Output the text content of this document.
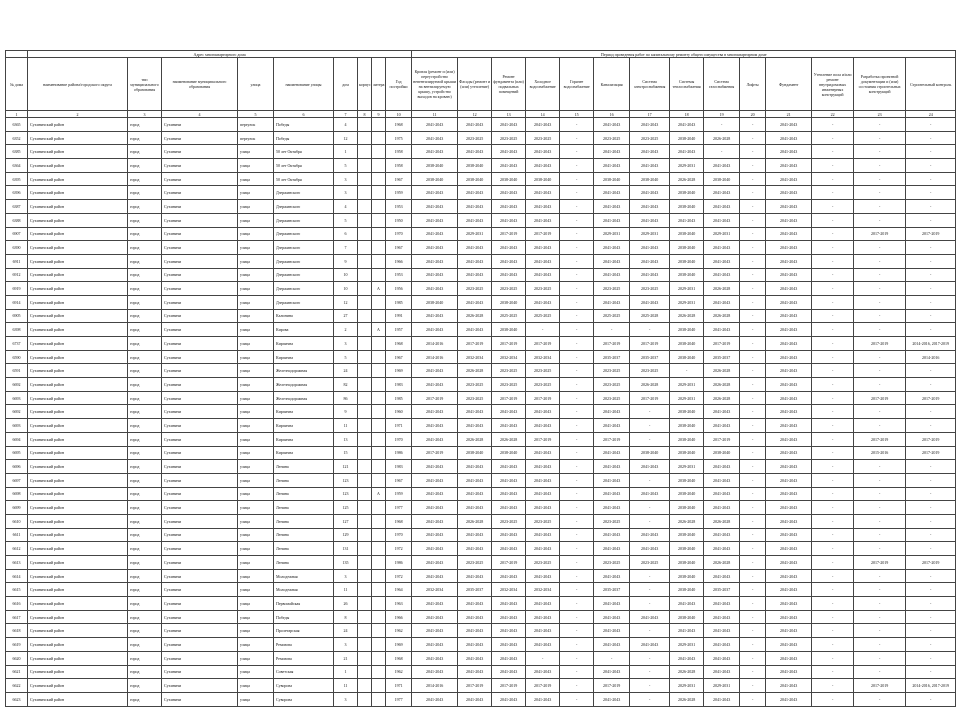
	Адрес многоквартирного дома									Период проведения работ по капитальному ремонту общего имущества в многоквартирном доме													
№ дома	наименование района/городского округа	тип муниципального образования	наименование муниципального образования	улица	наименование улицы	дом	корпус	литера	Год постройки	Кровля (ремонт и (или) переустройство невентилируемой крыши на вентилируемую крышу, устройство выходов на кровлю)	Фасады (ремонт и (или) утепление)	Ремонт фундамента (или) подвальных помещений	Холодное водоснабжение	Горячее водоснабжение	Канализация	Система электроснабжения	Системы теплоснабжения	Система газоснабжения	Лифты	Фундамент	Утепление пола и/или ремонт внутридомовых инженерных конструкций	Разработка проектной документации и (или) состояния строительных конструкций	Строительный контроль
1	2	3	4	5	6	7	8	9	10	11	12	13	14	15	16	17	18	19	20	21	22	23	24
6365	Сухиничский район	город	Сухиничи	переулок	Победы	4			1968	2041-2043	2041-2043	2041-2043	2041-2043	-	2041-2043	2041-2043	2041-2043	-	-	2041-2043	-	-	-
6352	Сухиничский район	город	Сухиничи	переулок	Победы	12			1975	2041-2043	2023-2025	2023-2025	2023-2025	-	2023-2025	2023-2025	2038-2040	2026-2028	-	2041-2043	-	-	-
6385	Сухиничский район	город	Сухиничи	улица	50 лет Октября	1			1958	2041-2043	2041-2043	2041-2043	2041-2043	-	2041-2043	2041-2043	2041-2043	-	-	2041-2043	-	-	-
6364	Сухиничский район	город	Сухиничи	улица	50 лет Октября	5			1958	2038-2040	2038-2040	2041-2043	2041-2043	-	2041-2043	2041-2043	2029-2031	2041-2043	-	2041-2043	-	-	-
6395	Сухиничский район	город	Сухиничи	улица	50 лет Октября	3			1967	2038-2040	2038-2040	2038-2040	2038-2040	-	2038-2040	2038-2040	2026-2028	2038-2040	-	2041-2043	-	-	-
6396	Сухиничский район	город	Сухиничи	улица	Дзержинского	3			1959	2041-2043	2041-2043	2041-2043	2041-2043	-	2041-2043	2041-2043	2038-2040	2041-2043	-	2041-2043	-	-	-
6387	Сухиничский район	город	Сухиничи	улица	Дзержинского	4			1953	2041-2043	2041-2043	2041-2043	2041-2043	-	2041-2043	2041-2043	2038-2040	2041-2043	-	2041-2043	-	-	-
6388	Сухиничский район	город	Сухиничи	улица	Дзержинского	5			1950	2041-2043	2041-2043	2041-2043	2041-2043	-	2041-2043	2041-2043	2041-2043	2041-2043	-	2041-2043	-	-	-
6907	Сухиничский район	город	Сухиничи	улица	Дзержинского	6			1970	2041-2043	2029-2031	2017-2019	2017-2019	-	2029-2031	2029-2031	2038-2040	2029-2031	-	2041-2043	-	2017-2019	2017-2019
6390	Сухиничский район	город	Сухиничи	улица	Дзержинского	7			1967	2041-2043	2041-2043	2041-2043	2041-2043	-	2041-2043	2041-2043	2038-2040	2041-2043	-	2041-2043	-	-	-
6911	Сухиничский район	город	Сухиничи	улица	Дзержинского	9			1966	2041-2043	2041-2043	2041-2043	2041-2043	-	2041-2043	2041-2043	2038-2040	2041-2043	-	2041-2043	-	-	-
6912	Сухиничский район	город	Сухиничи	улица	Дзержинского	10			1953	2041-2043	2041-2043	2041-2043	2041-2043	-	2041-2043	2041-2043	2038-2040	2041-2043	-	2041-2043	-	-	-
6919	Сухиничский район	город	Сухиничи	улица	Дзержинского	10		А	1956	2041-2043	2023-2025	2023-2025	2023-2025	-	2023-2025	2023-2025	2029-2031	2026-2028	-	2041-2043	-	-	-
6914	Сухиничский район	город	Сухиничи	улица	Дзержинского	12			1985	2038-2040	2041-2043	2038-2040	2041-2043	-	2041-2043	2041-2043	2029-2031	2041-2043	-	2041-2043	-	-	-
6905	Сухиничский район	город	Сухиничи	улица	Калинина	27			1991	2041-2043	2026-2028	2025-2025	2025-2025	-	2025-2025	2025-2028	2026-2028	2026-2028	-	2041-2043	-	-	-
6398	Сухиничский район	город	Сухиничи	улица	Кирова	2		А	1957	2041-2043	2041-2043	2038-2040	-	-	-	-	2038-2040	2041-2043	-	2041-2043	-	-	-
6737	Сухиничский район	город	Сухиничи	улица	Кирпична	3			1968	2014-2016	2017-2019	2017-2019	2017-2019	-	2017-2019	2017-2019	2038-2040	2017-2019	-	2041-2043	-	2017-2019	2014-2016, 2017-2019
6590	Сухиничский район	город	Сухиничи	улица	Кирпична	5			1967	2014-2016	2032-2034	2032-2034	2032-2034	-	2035-2037	2035-2037	2038-2040	2035-2037	-	2041-2043	-	-	2014-2016
6591	Сухиничский район	город	Сухиничи	улица	Железнодорожная	24			1969	2041-2043	2026-2028	2023-2025	2023-2025	-	2023-2025	2023-2025	-	2026-2028	-	2041-2043	-	-	-
6692	Сухиничский район	город	Сухиничи	улица	Железнодорожная	82			1983	2041-2043	2023-2025	2023-2025	2023-2025	-	2023-2025	2026-2028	2029-2031	2026-2028	-	2041-2043	-	-	-
6693	Сухиничский район	город	Сухиничи	улица	Железнодорожная	86			1985	2017-2019	2023-2025	2017-2019	2017-2019	-	2023-2025	2017-2019	2029-2031	2026-2028	-	2041-2043	-	2017-2019	2017-2019
6692	Сухиничский район	город	Сухиничи	улица	Кирпична	9			1960	2041-2043	2041-2043	2041-2043	2041-2043	-	2041-2043	-	2038-2040	2041-2043	-	2041-2043	-	-	-
6693	Сухиничский район	город	Сухиничи	улица	Кирпична	11			1971	2041-2043	2041-2043	2041-2043	2041-2043	-	2041-2043	-	2038-2040	2041-2043	-	2041-2043	-	-	-
6694	Сухиничский район	город	Сухиничи	улица	Кирпична	13			1970	2041-2043	2026-2028	2026-2028	2017-2019	-	2017-2019	-	2038-2040	2017-2019	-	2041-2043	-	2017-2019	2017-2019
6695	Сухиничский район	город	Сухиничи	улица	Кирпична	15			1986	2017-2019	2038-2040	2038-2040	2041-2043	-	2041-2043	2038-2040	2038-2040	2038-2040	-	2041-2043	-	2015-2016	2017-2019
6696	Сухиничский район	город	Сухиничи	улица	Ленина	121			1983	2041-2043	2041-2043	2041-2043	2041-2043	-	2041-2043	2041-2043	2029-2031	2041-2043	-	2041-2043	-	-	-
6697	Сухиничский район	город	Сухиничи	улица	Ленина	123			1967	2041-2043	2041-2043	2041-2043	2041-2043	-	2041-2043	-	2038-2040	2041-2043	-	2041-2043	-	-	-
6698	Сухиничский район	город	Сухиничи	улица	Ленина	123		А	1959	2041-2043	2041-2043	2041-2043	2041-2043	-	2041-2043	2041-2043	2038-2040	2041-2043	-	2041-2043	-	-	-
6699	Сухиничский район	город	Сухиничи	улица	Ленина	125			1977	2041-2043	2041-2043	2041-2043	2041-2043	-	2041-2043	-	2038-2040	2041-2043	-	2041-2043	-	-	-
6610	Сухиничский район	город	Сухиничи	улица	Ленина	127			1968	2041-2043	2026-2028	2023-2025	2023-2025	-	2023-2025	-	2026-2028	2026-2028	-	2041-2043	-	-	-
6611	Сухиничский район	город	Сухиничи	улица	Ленина	129			1970	2041-2043	2041-2043	2041-2043	2041-2043	-	2041-2043	2041-2043	2038-2040	2041-2043	-	2041-2043	-	-	-
6612	Сухиничский район	город	Сухиничи	улица	Ленина	131			1972	2041-2043	2041-2043	2041-2043	2041-2043	-	2041-2043	2041-2043	2038-2040	2041-2043	-	2041-2043	-	-	-
6613	Сухиничский район	город	Сухиничи	улица	Ленина	135			1986	2041-2043	2023-2025	2017-2019	2023-2025	-	2023-2025	2023-2025	2038-2040	2026-2028	-	2041-2043	-	2017-2019	2017-2019
6614	Сухиничский район	город	Сухиничи	улица	Молодежная	3			1972	2041-2043	2041-2043	2041-2043	2041-2043	-	2041-2043	-	2038-2040	2041-2043	-	2041-2043	-	-	-
6615	Сухиничский район	город	Сухиничи	улица	Молодежная	11			1964	2032-2034	2035-2037	2032-2034	2032-2034	-	2035-2037	-	2038-2040	2035-2037	-	2041-2043	-	-	-
6616	Сухиничский район	город	Сухиничи	улица	Первомайская	26			1963	2041-2043	2041-2043	2041-2043	2041-2043	-	2041-2043	-	2041-2043	2041-2043	-	2041-2043	-	-	-
6617	Сухиничский район	город	Сухиничи	улица	Победы	8			1966	2041-2043	2041-2043	2041-2043	2041-2043	-	2041-2043	2041-2043	2038-2040	2041-2043	-	2041-2043	-	-	-
6618	Сухиничский район	город	Сухиничи	улица	Пролетарская	24			1962	2041-2043	2041-2043	2041-2043	2041-2043	-	2041-2043	-	2041-2043	2041-2043	-	2041-2043	-	-	-
6619	Сухиничский район	город	Сухиничи	улица	Ремизова	3			1969	2041-2043	2041-2043	2041-2043	2041-2043	-	2041-2043	2041-2043	2029-2031	2041-2043	-	2041-2043	-	-	-
6620	Сухиничский район	город	Сухиничи	улица	Ремизова	21			1968	2041-2043	2041-2043	2041-2043	-	-	-	-	2041-2043	2041-2043	-	2041-2043	-	-	-
6621	Сухиничский район	город	Сухиничи	улица	Советская	1			1962	2041-2043	2041-2043	2041-2043	2041-2043	-	2041-2043	-	2026-2028	2041-2043	-	2041-2043	-	-	-
6622	Сухиничский район	город	Сухиничи	улица	Суворова	11			1971	2014-2016	2017-2019	2017-2019	2017-2019	-	2017-2019	-	2029-2031	2029-2031	-	2041-2043	-	2017-2019	2014-2016, 2017-2019
6623	Сухиничский район	город	Сухиничи	улица	Суворова	3			1977	2041-2043	2041-2043	2041-2043	2041-2043	-	2041-2043	-	2026-2028	2041-2043	-	2041-2043	-	-	-
